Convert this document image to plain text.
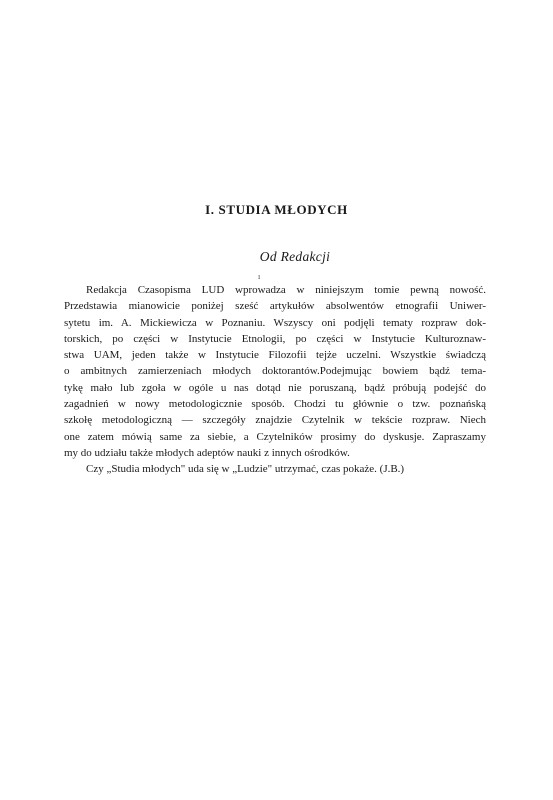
I. STUDIA MŁODYCH
Od Redakcji
ı
Redakcja Czasopisma LUD wprowadza w niniejszym tomie pewną nowość.
Przedstawia mianowicie poniżej sześć artykułów absolwentów etnografii Uniwer-
sytetu im. A. Mickiewicza w Poznaniu. Wszyscy oni podjęli tematy rozpraw dok-
torskich, po części w Instytucie Etnologii, po części w Instytucie Kulturoznaw-
stwa UAM, jeden także w Instytucie Filozofii tejże uczelni. Wszystkie świadczą
o ambitnych zamierzeniach młodych doktorantów.Podejmując bowiem bądź tema-
tykę mało lub zgoła w ogóle u nas dotąd nie poruszaną, bądź próbują podejść do
zagadnień w nowy metodologicznie sposób. Chodzi tu głównie o tzw. poznańską
szkołę metodologiczną — szczegóły znajdzie Czytelnik w tekście rozpraw. Niech
one zatem mówią same za siebie, a Czytelników prosimy do dyskusje. Zapraszamy
my do udziału także młodych adeptów nauki z innych ośrodków.
Czy „Studia młodych" uda się w „Ludzie" utrzymać, czas pokaże. (J.B.)
